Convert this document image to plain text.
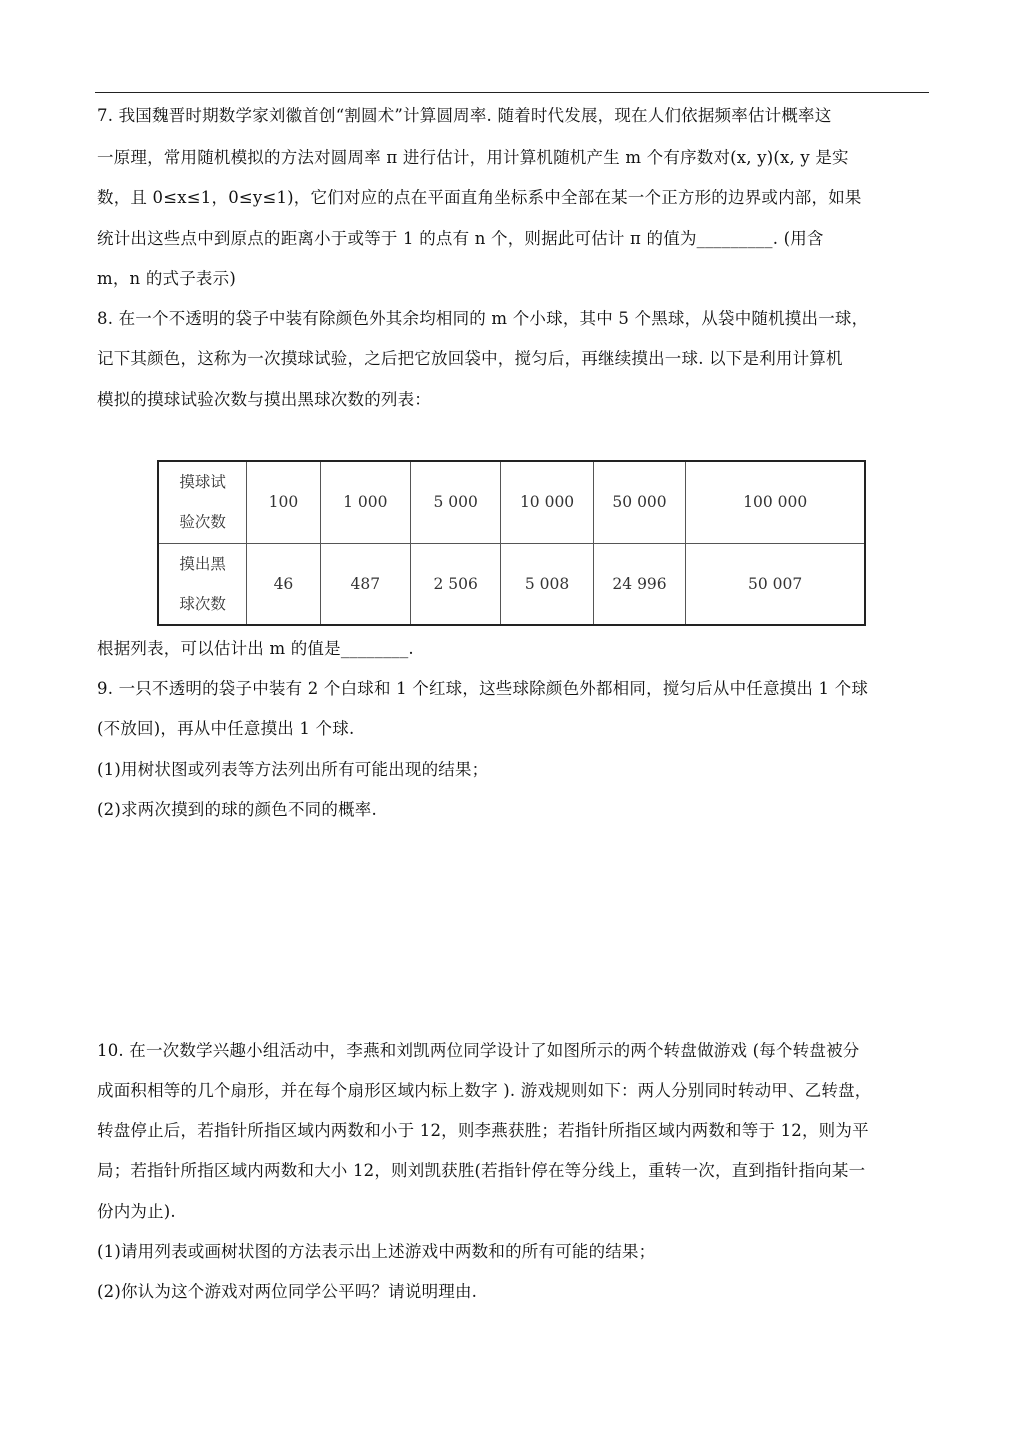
7. 我国魏晋时期数学家刘徽首创“割圆术”计算圆周率. 随着时代发展，现在人们依据频率估计概率这
一原理，常用随机模拟的方法对圆周率 π 进行估计，用计算机随机产生 m 个有序数对(x, y)(x, y 是实
数，且 0≤x≤1，0≤y≤1)，它们对应的点在平面直角坐标系中全部在某一个正方形的边界或内部，如果
统计出这些点中到原点的距离小于或等于 1 的点有 n 个，则据此可估计 π 的值为_________. (用含
m，n 的式子表示)
8. 在一个不透明的袋子中装有除颜色外其余均相同的 m 个小球，其中 5 个黑球，从袋中随机摸出一球，
记下其颜色，这称为一次摸球试验，之后把它放回袋中，搅匀后，再继续摸出一球. 以下是利用计算机
模拟的摸球试验次数与摸出黑球次数的列表：
摸球试
验次数	100	1 000	5 000	10 000	50 000	100 000

摸出黑
球次数	46	487	2 506	5 008	24 996	50 007
根据列表，可以估计出 m 的值是________.
9. 一只不透明的袋子中装有 2 个白球和 1 个红球，这些球除颜色外都相同，搅匀后从中任意摸出 1 个球
(不放回)，再从中任意摸出 1 个球.
(1)用树状图或列表等方法列出所有可能出现的结果；
(2)求两次摸到的球的颜色不同的概率.
10. 在一次数学兴趣小组活动中，李燕和刘凯两位同学设计了如图所示的两个转盘做游戏 (每个转盘被分
成面积相等的几个扇形，并在每个扇形区域内标上数字 ). 游戏规则如下：两人分别同时转动甲、乙转盘，
转盘停止后，若指针所指区域内两数和小于 12，则李燕获胜；若指针所指区域内两数和等于 12，则为平
局；若指针所指区域内两数和大小 12，则刘凯获胜(若指针停在等分线上，重转一次，直到指针指向某一
份内为止).
(1)请用列表或画树状图的方法表示出上述游戏中两数和的所有可能的结果；
(2)你认为这个游戏对两位同学公平吗？请说明理由.
